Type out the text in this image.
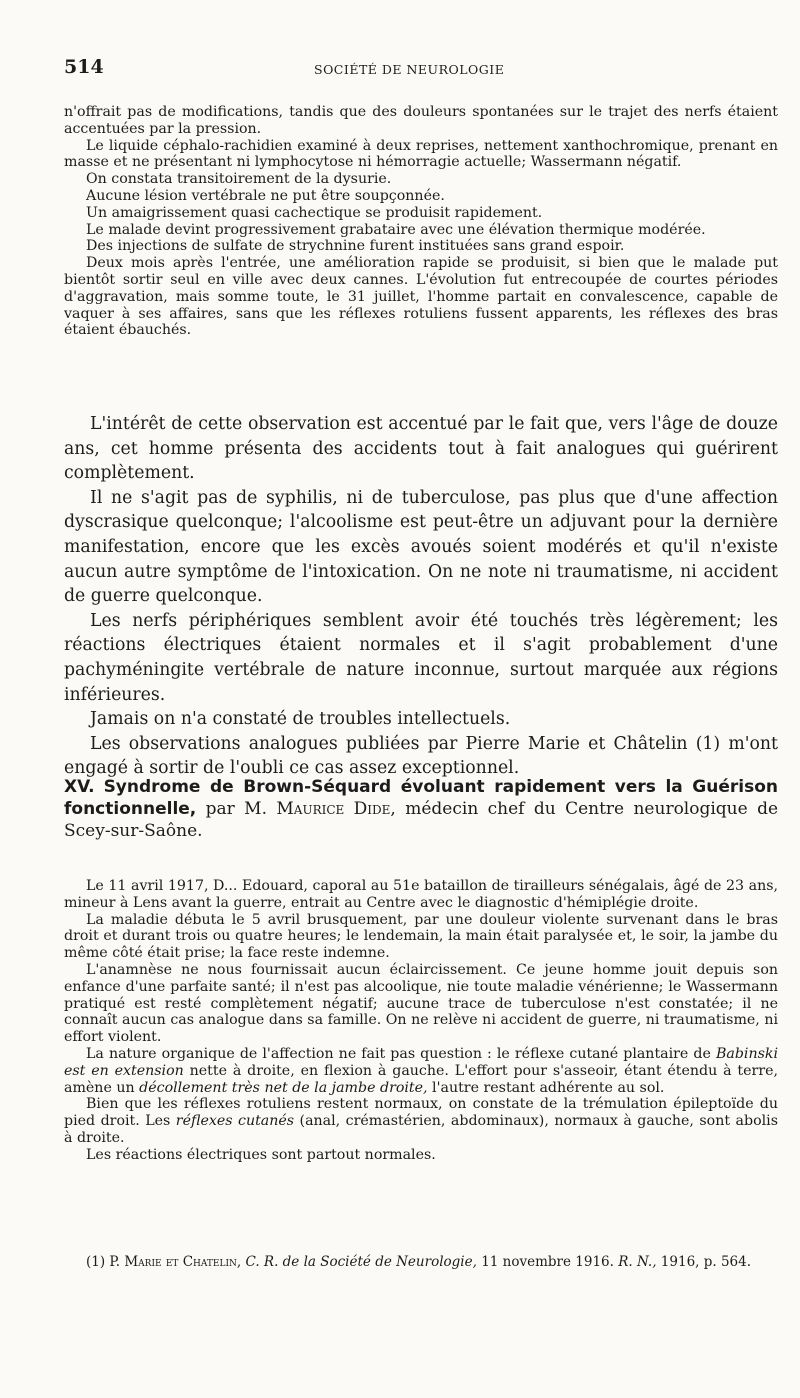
514	SOCIÉTÉ DE NEUROLOGIE

n'offrait pas de modifications, tandis que des douleurs spontanées sur le trajet des nerfs étaient accentuées par la pression.

Le liquide céphalo-rachidien examiné à deux reprises, nettement xanthochromique, prenant en masse et ne présentant ni lymphocytose ni hémorragie actuelle; Wassermann négatif.

On constata transitoirement de la dysurie.

Aucune lésion vertébrale ne put être soupçonnée.

Un amaigrissement quasi cachectique se produisit rapidement.

Le malade devint progressivement grabataire avec une élévation thermique modérée.

Des injections de sulfate de strychnine furent instituées sans grand espoir.

Deux mois après l'entrée, une amélioration rapide se produisit, si bien que le malade put bientôt sortir seul en ville avec deux cannes. L'évolution fut entrecoupée de courtes périodes d'aggravation, mais somme toute, le 31 juillet, l'homme partait en convalescence, capable de vaquer à ses affaires, sans que les réflexes rotuliens fussent apparents, les réflexes des bras étaient ébauchés.

L'intérêt de cette observation est accentué par le fait que, vers l'âge de douze ans, cet homme présenta des accidents tout à fait analogues qui guérirent complètement.

Il ne s'agit pas de syphilis, ni de tuberculose, pas plus que d'une affection dyscrasique quelconque; l'alcoolisme est peut-être un adjuvant pour la dernière manifestation, encore que les excès avoués soient modérés et qu'il n'existe aucun autre symptôme de l'intoxication. On ne note ni traumatisme, ni accident de guerre quelconque.

Les nerfs périphériques semblent avoir été touchés très légèrement; les réactions électriques étaient normales et il s'agit probablement d'une pachyméningite vertébrale de nature inconnue, surtout marquée aux régions inférieures.

Jamais on n'a constaté de troubles intellectuels.

Les observations analogues publiées par Pierre Marie et Châtelin (1) m'ont engagé à sortir de l'oubli ce cas assez exceptionnel.

XV. Syndrome de Brown-Séquard évoluant rapidement vers la Guérison fonctionnelle, par M. Maurice Dide, médecin chef du Centre neurologique de Scey-sur-Saône.

Le 11 avril 1917, D... Edouard, caporal au 51e bataillon de tirailleurs sénégalais, âgé de 23 ans, mineur à Lens avant la guerre, entrait au Centre avec le diagnostic d'hémiplégie droite.

La maladie débuta le 5 avril brusquement, par une douleur violente survenant dans le bras droit et durant trois ou quatre heures; le lendemain, la main était paralysée et, le soir, la jambe du même côté était prise; la face reste indemne.

L'anamnèse ne nous fournissait aucun éclaircissement. Ce jeune homme jouit depuis son enfance d'une parfaite santé; il n'est pas alcoolique, nie toute maladie vénérienne; le Wassermann pratiqué est resté complètement négatif; aucune trace de tuberculose n'est constatée; il ne connaît aucun cas analogue dans sa famille. On ne relève ni accident de guerre, ni traumatisme, ni effort violent.

La nature organique de l'affection ne fait pas question : le réflexe cutané plantaire de Babinski est en extension nette à droite, en flexion à gauche. L'effort pour s'asseoir, étant étendu à terre, amène un décollement très net de la jambe droite, l'autre restant adhérente au sol.

Bien que les réflexes rotuliens restent normaux, on constate de la trémulation épileptoïde du pied droit. Les réflexes cutanés (anal, crémastérien, abdominaux), normaux à gauche, sont abolis à droite.

Les réactions électriques sont partout normales.

(1) P. Marie et Chatelin, C. R. de la Société de Neurologie, 11 novembre 1916. R. N., 1916, p. 564.
